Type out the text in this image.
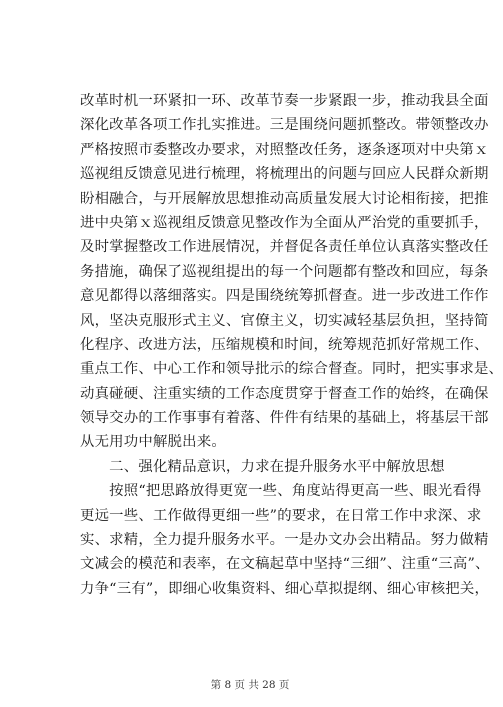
改革时机一环紧扣一环、改革节奏一步紧跟一步，推动我县全面
深化改革各项工作扎实推进。三是围绕问题抓整改。带领整改办
严格按照市委整改办要求，对照整改任务，逐条逐项对中央第ｘ
巡视组反馈意见进行梳理，将梳理出的问题与回应人民群众新期
盼相融合，与开展解放思想推动高质量发展大讨论相衔接，把推
进中央第ｘ巡视组反馈意见整改作为全面从严治党的重要抓手，
及时掌握整改工作进展情况，并督促各责任单位认真落实整改任
务措施，确保了巡视组提出的每一个问题都有整改和回应，每条
意见都得以落细落实。四是围绕统筹抓督查。进一步改进工作作
风，坚决克服形式主义、官僚主义，切实减轻基层负担，坚持简
化程序、改进方法，压缩规模和时间，统筹规范抓好常规工作、
重点工作、中心工作和领导批示的综合督查。同时，把实事求是、
动真碰硬、注重实绩的工作态度贯穿于督查工作的始终，在确保
领导交办的工作事事有着落、件件有结果的基础上，将基层干部
从无用功中解脱出来。
　　二、强化精品意识，力求在提升服务水平中解放思想
　　按照“把思路放得更宽一些、角度站得更高一些、眼光看得
更远一些、工作做得更细一些”的要求，在日常工作中求深、求
实、求精，全力提升服务水平。一是办文办会出精品。努力做精
文减会的模范和表率，在文稿起草中坚持“三细”、注重“三高”、
力争“三有”，即细心收集资料、细心草拟提纲、细心审核把关，
第 8 页 共 28 页
